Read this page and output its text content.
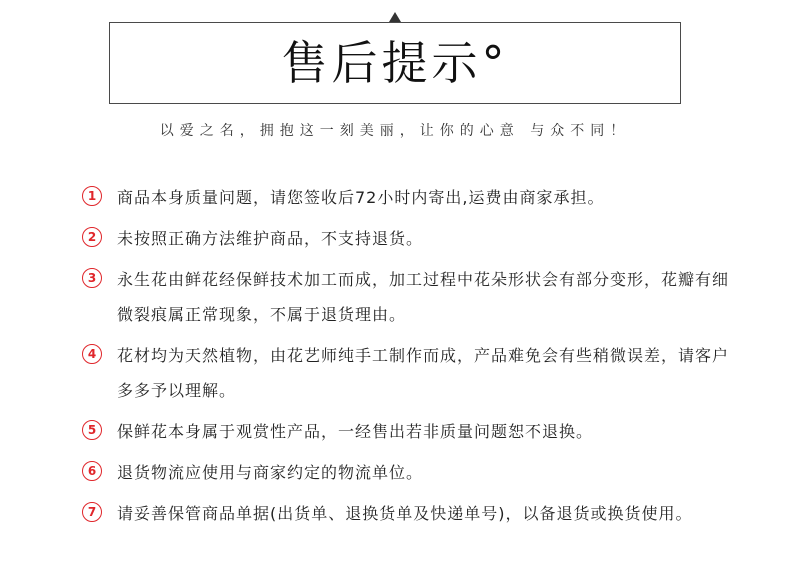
售后提示°
以爱之名，拥抱这一刻美丽，让你的心意 与众不同！
1	商品本身质量问题，请您签收后72小时内寄出,运费由商家承担。
2	未按照正确方法维护商品，不支持退货。
3	永生花由鲜花经保鲜技术加工而成，加工过程中花朵形状会有部分变形，花瓣有细微裂痕属正常现象，不属于退货理由。
4	花材均为天然植物，由花艺师纯手工制作而成，产品难免会有些稍微误差，请客户多多予以理解。
5	保鲜花本身属于观赏性产品，一经售出若非质量问题恕不退换。
6	退货物流应使用与商家约定的物流单位。
7	请妥善保管商品单据(出货单、退换货单及快递单号)，以备退货或换货使用。
